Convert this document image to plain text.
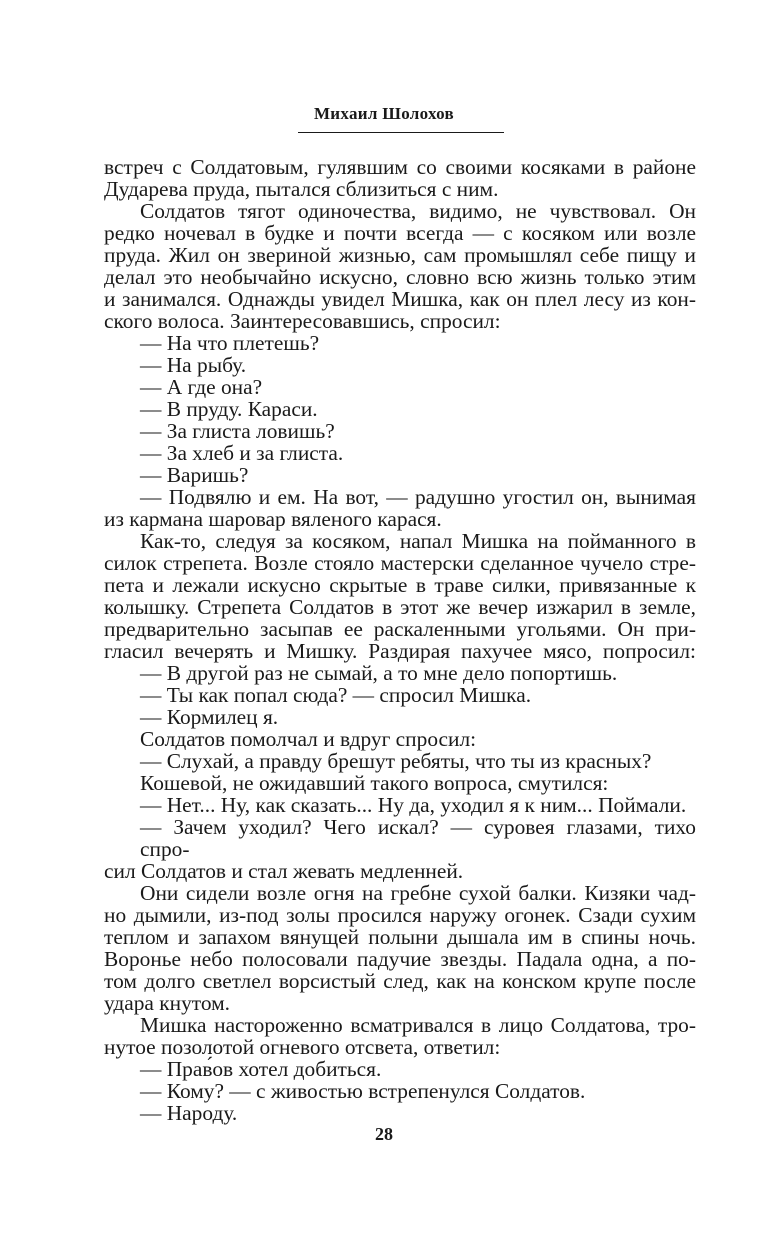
Михаил Шолохов
встреч с Солдатовым, гулявшим со своими косяками в районе
Дударева пруда, пытался сблизиться с ним.
Солдатов тягот одиночества, видимо, не чувствовал. Он
редко ночевал в будке и почти всегда — с косяком или возле
пруда. Жил он звериной жизнью, сам промышлял себе пищу и
делал это необычайно искусно, словно всю жизнь только этим
и занимался. Однажды увидел Мишка, как он плел лесу из кон-
ского волоса. Заинтересовавшись, спросил:
— На что плетешь?
— На рыбу.
— А где она?
— В пруду. Караси.
— За глиста ловишь?
— За хлеб и за глиста.
— Варишь?
— Подвялю и ем. На вот, — радушно угостил он, вынимая
из кармана шаровар вяленого карася.
Как-то, следуя за косяком, напал Мишка на пойманного в
силок стрепета. Возле стояло мастерски сделанное чучело стре-
пета и лежали искусно скрытые в траве силки, привязанные к
колышку. Стрепета Солдатов в этот же вечер изжарил в земле,
предварительно засыпав ее раскаленными угольями. Он при-
гласил вечерять и Мишку. Раздирая пахучее мясо, попросил:
— В другой раз не сымай, а то мне дело попортишь.
— Ты как попал сюда? — спросил Мишка.
— Кормилец я.
Солдатов помолчал и вдруг спросил:
— Слухай, а правду брешут ребяты, что ты из красных?
Кошевой, не ожидавший такого вопроса, смутился:
— Нет... Ну, как сказать... Ну да, уходил я к ним... Поймали.
— Зачем уходил? Чего искал? — суровея глазами, тихо спро-
сил Солдатов и стал жевать медленней.
Они сидели возле огня на гребне сухой балки. Кизяки чад-
но дымили, из-под золы просился наружу огонек. Сзади сухим
теплом и запахом вянущей полыни дышала им в спины ночь.
Воронье небо полосовали падучие звезды. Падала одна, а по-
том долго светлел ворсистый след, как на конском крупе после
удара кнутом.
Мишка настороженно всматривался в лицо Солдатова, тро-
нутое позолотой огневого отсвета, ответил:
— Прав́ов хотел добиться.
— Кому? — с живостью встрепенулся Солдатов.
— Народу.
28
